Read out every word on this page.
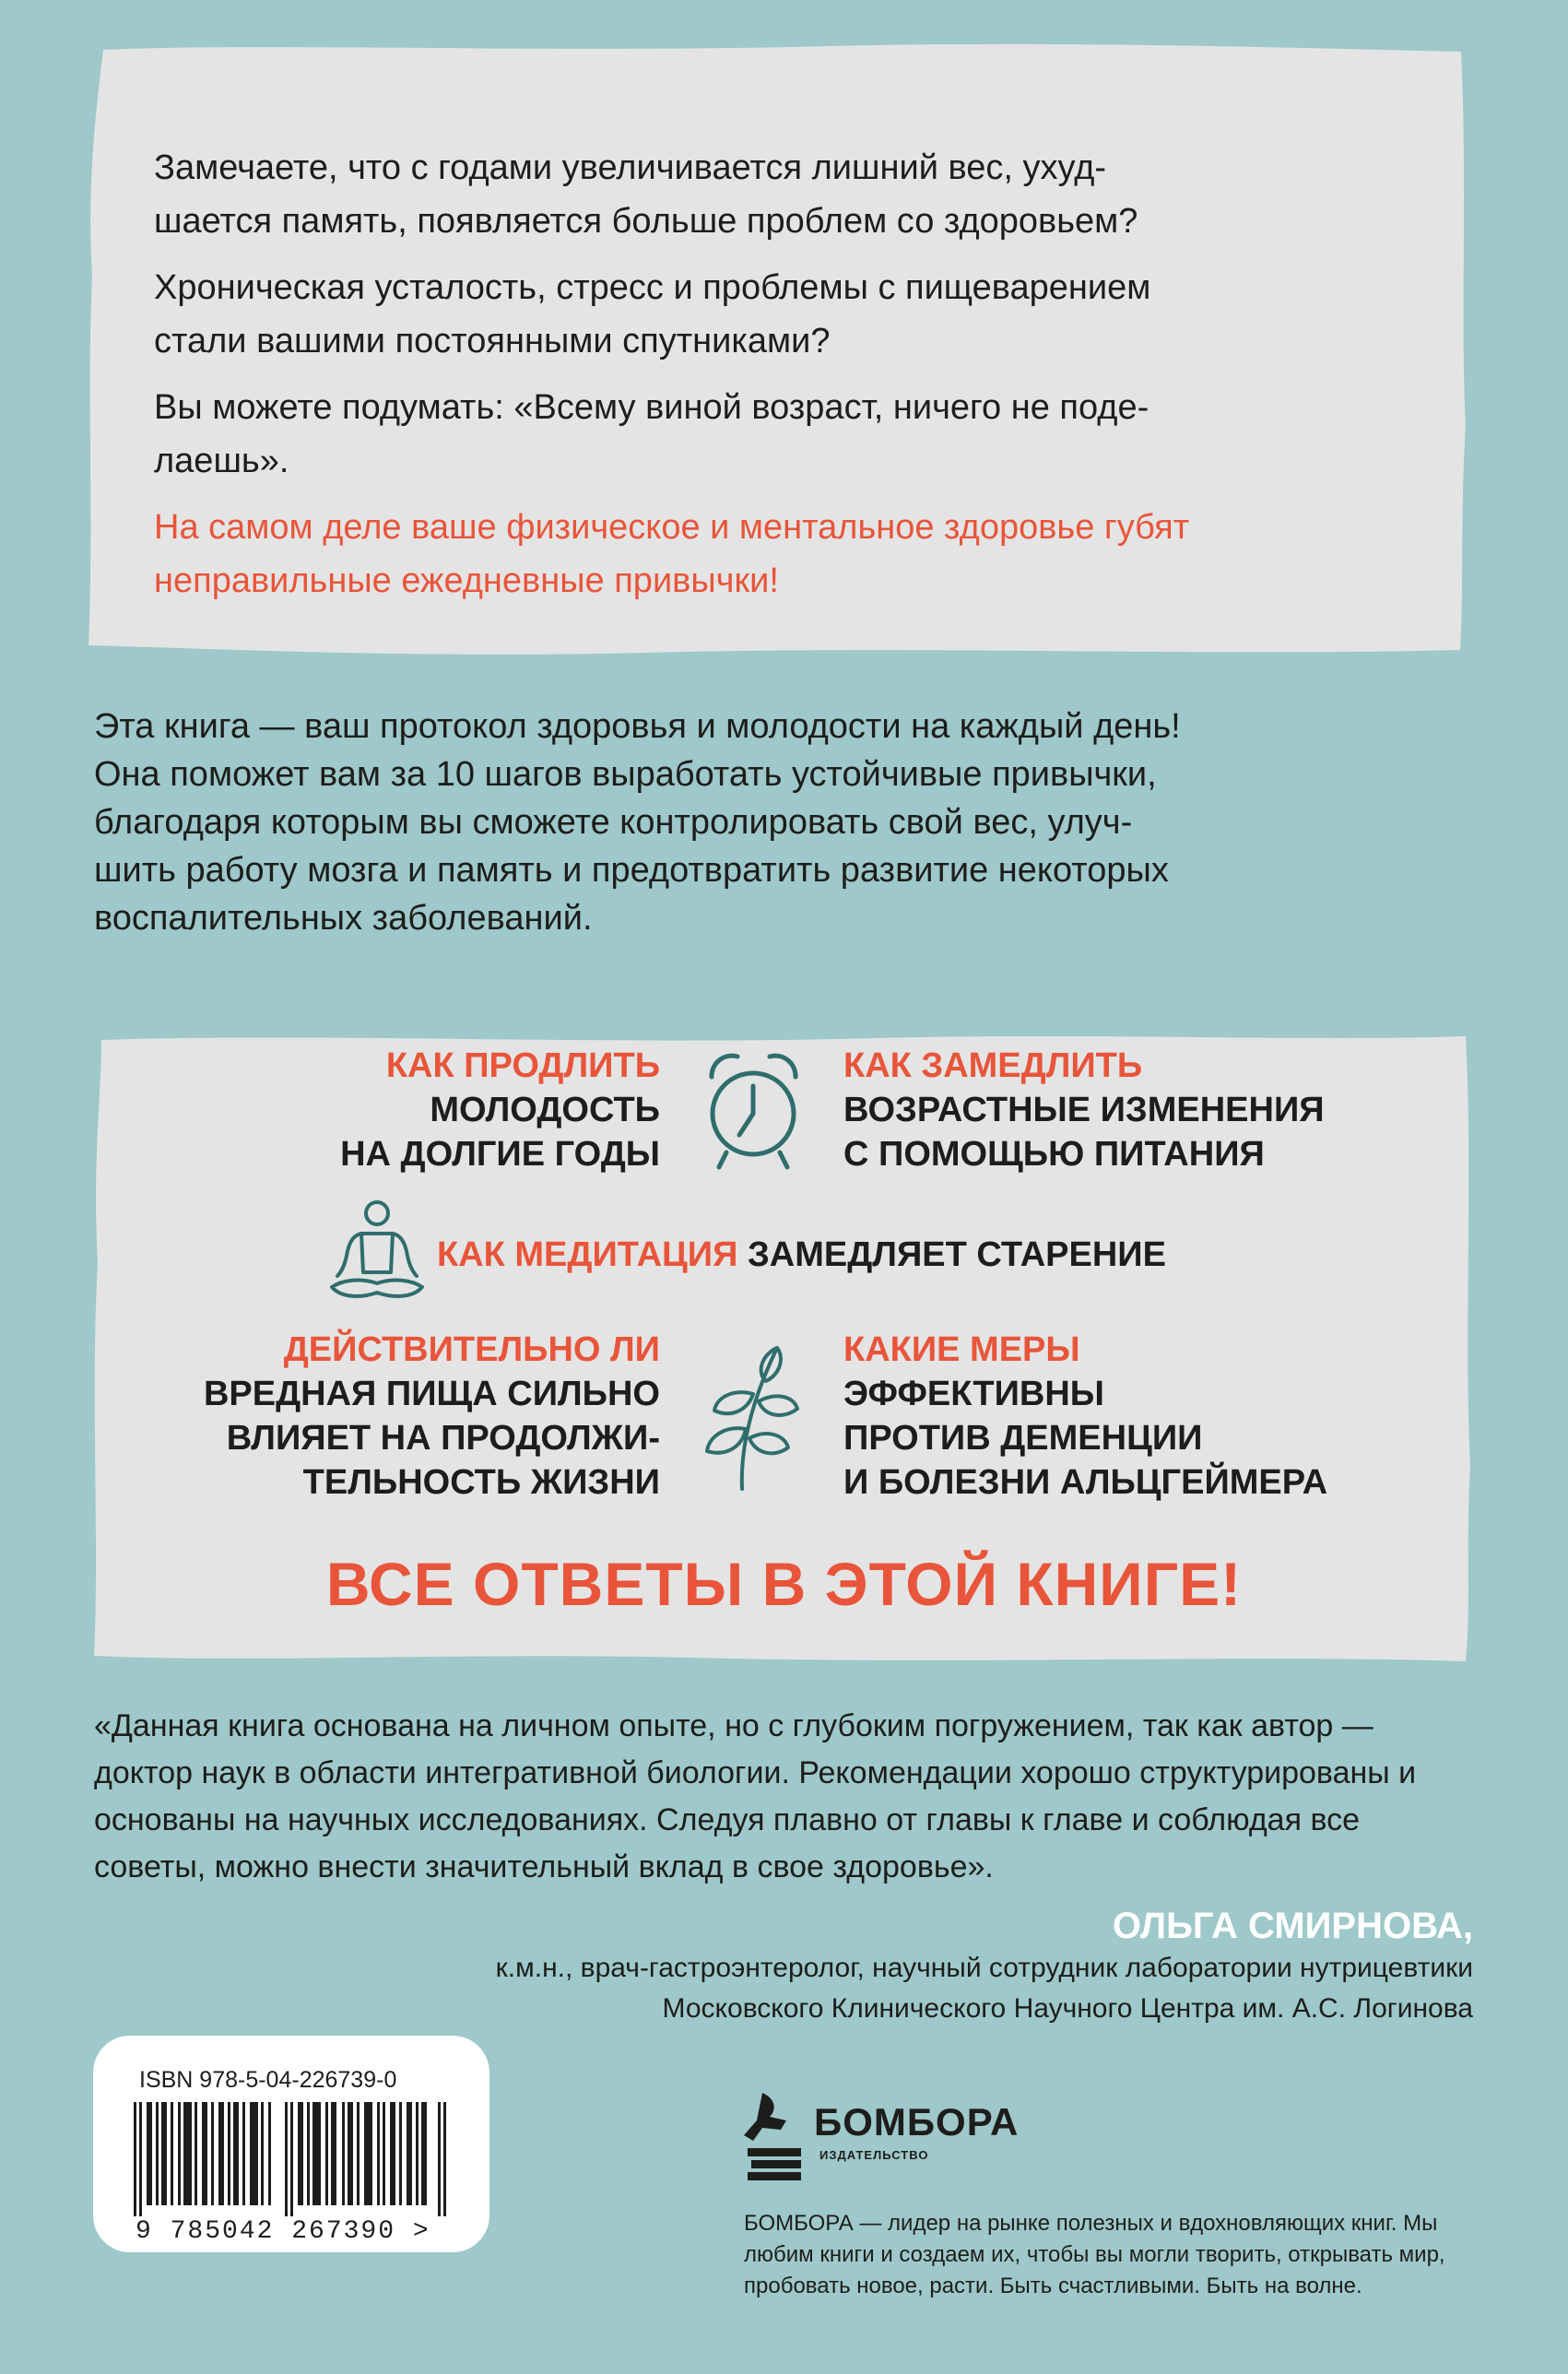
Замечаете, что с годами увеличивается лишний вес, ухуд-
шается память, появляется больше проблем со здоровьем?
Хроническая усталость, стресс и проблемы с пищеварением
стали вашими постоянными спутниками?
Вы можете подумать: «Всему виной возраст, ничего не поде-
лаешь».
На самом деле ваше физическое и ментальное здоровье губят
неправильные ежедневные привычки!
Эта книга — ваш протокол здоровья и молодости на каждый день!
Она поможет вам за 10 шагов выработать устойчивые привычки,
благодаря которым вы сможете контролировать свой вес, улуч-
шить работу мозга и память и предотвратить развитие некоторых
воспалительных заболеваний.
КАК ПРОДЛИТЬ
МОЛОДОСТЬ
НА ДОЛГИЕ ГОДЫ
КАК ЗАМЕДЛИТЬ
ВОЗРАСТНЫЕ ИЗМЕНЕНИЯ
С ПОМОЩЬЮ ПИТАНИЯ
КАК МЕДИТАЦИЯ ЗАМЕДЛЯЕТ СТАРЕНИЕ
ДЕЙСТВИТЕЛЬНО ЛИ
ВРЕДНАЯ ПИЩА СИЛЬНО
ВЛИЯЕТ НА ПРОДОЛЖИ-
ТЕЛЬНОСТЬ ЖИЗНИ
КАКИЕ МЕРЫ
ЭФФЕКТИВНЫ
ПРОТИВ ДЕМЕНЦИИ
И БОЛЕЗНИ АЛЬЦГЕЙМЕРА
ВСЕ ОТВЕТЫ В ЭТОЙ КНИГЕ!
«Данная книга основана на личном опыте, но с глубоким погружением, так как автор — доктор наук в области интегративной биологии. Рекомендации хорошо структурированы и основаны на научных исследованиях. Следуя плавно от главы к главе и соблюдая все советы, можно внести значительный вклад в свое здоровье».
ОЛЬГА СМИРНОВА,
к.м.н., врач-гастроэнтеролог, научный сотрудник лаборатории нутрицевтики
Московского Клинического Научного Центра им. А.С. Логинова
ISBN 978-5-04-226739-0
9 785042 267390 >
БОМБОРА
ИЗДАТЕЛЬСТВО
БОМБОРА — лидер на рынке полезных и вдохновляющих книг. Мы любим книги и создаем их, чтобы вы могли творить, открывать мир, пробовать новое, расти. Быть счастливыми. Быть на волне.
